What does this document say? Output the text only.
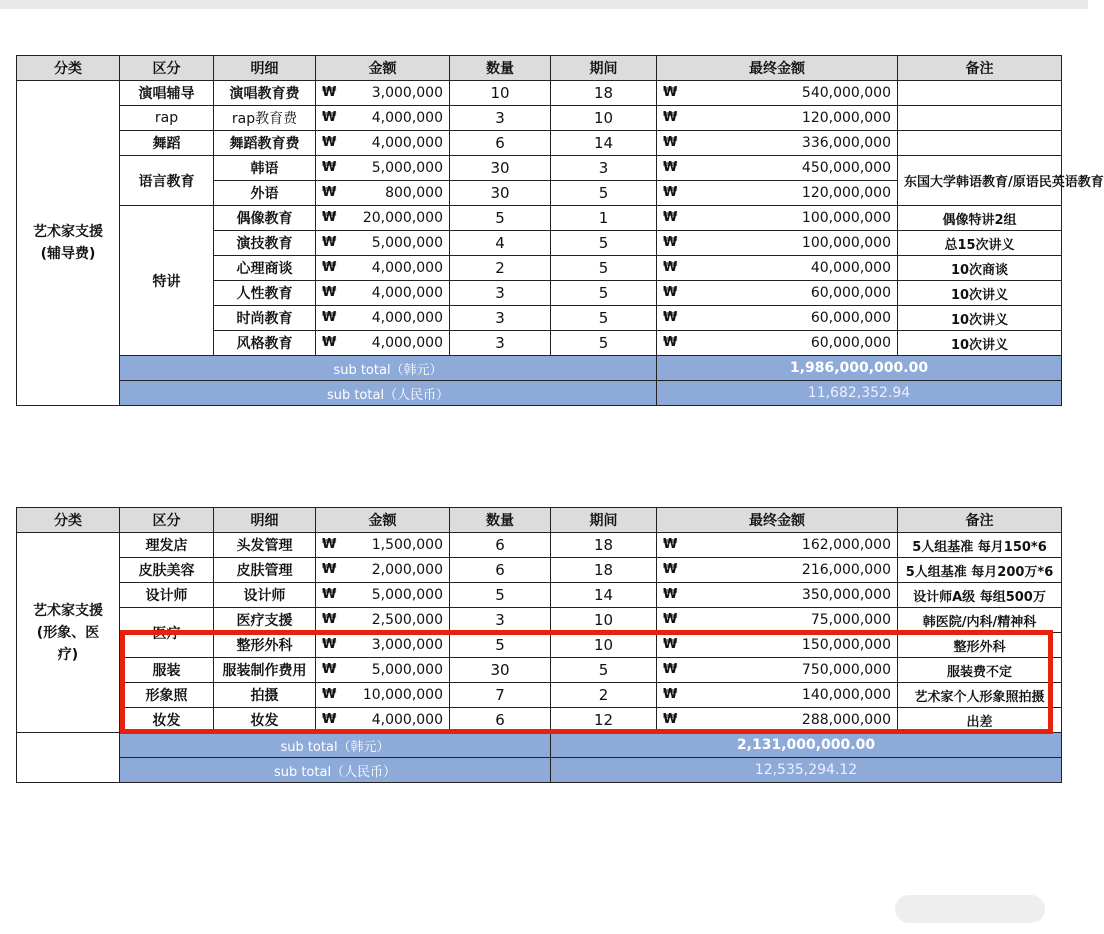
分类	区分	明细	金额	数量	期间	最终金额	备注
艺术家支援
(辅导费)	演唱辅导	演唱教育费	₩ 3,000,000	10	18	₩ 540,000,000	

	rap	rap教育费	₩ 4,000,000	3	10	₩ 120,000,000	

	舞蹈	舞蹈教育费	₩ 4,000,000	6	14	₩ 336,000,000	

	语言教育	韩语	₩ 5,000,000	30	3	₩ 450,000,000	东国大学韩语教育/原语民英语教育
		外语	₩ 800,000	30	5	₩ 120,000,000	

	特讲	偶像教育	₩ 20,000,000	5	1	₩ 100,000,000	偶像特讲2组
		演技教育	₩ 5,000,000	4	5	₩ 100,000,000	总15次讲义
		心理商谈	₩ 4,000,000	2	5	₩ 40,000,000	10次商谈
		人性教育	₩ 4,000,000	3	5	₩ 60,000,000	10次讲义
		时尚教育	₩ 4,000,000	3	5	₩ 60,000,000	10次讲义
		风格教育	₩ 4,000,000	3	5	₩ 60,000,000	10次讲义
	sub total（韩元）					1,986,000,000.00	
	sub total（人民币）					11,682,352.94	
分类	区分	明细	金额	数量	期间	最终金额	备注
艺术家支援
(形象、医
疗)	理发店	头发管理	₩ 1,500,000	6	18	₩ 162,000,000	5人组基准 每月150*6
	皮肤美容	皮肤管理	₩ 2,000,000	6	18	₩ 216,000,000	5人组基准 每月200万*6
	设计师	设计师	₩ 5,000,000	5	14	₩ 350,000,000	设计师A级 每组500万
	医疗	医疗支援	₩ 2,500,000	3	10	₩ 75,000,000	韩医院/内科/精神科
		整形外科	₩ 3,000,000	5	10	₩ 150,000,000	整形外科
	服装	服装制作费用	₩ 5,000,000	30	5	₩ 750,000,000	服装费不定
	形象照	拍摄	₩ 10,000,000	7	2	₩ 140,000,000	艺术家个人形象照拍摄
	妆发	妆发	₩ 4,000,000	6	12	₩ 288,000,000	出差
	sub total（韩元）				2,131,000,000.00		
	sub total（人民币）				12,535,294.12		
